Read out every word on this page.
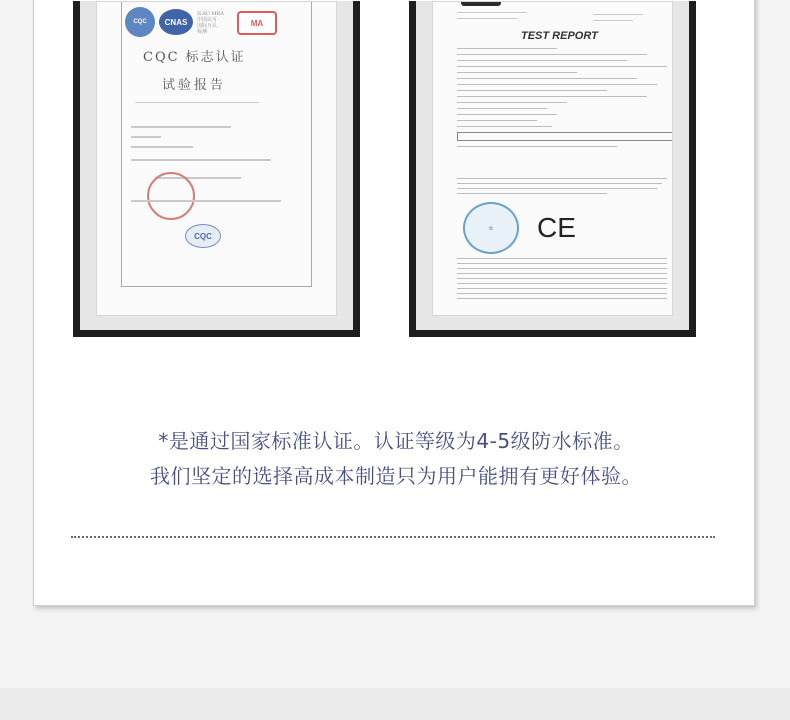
CQC	CNAS
ILAC-MRA
中国认可
国际互认
检测
MA
CQC 标志认证
试验报告
CQC
TEST REPORT
☆	CE
*是通过国家标准认证。认证等级为4-5级防水标准。
我们坚定的选择高成本制造只为用户能拥有更好体验。
